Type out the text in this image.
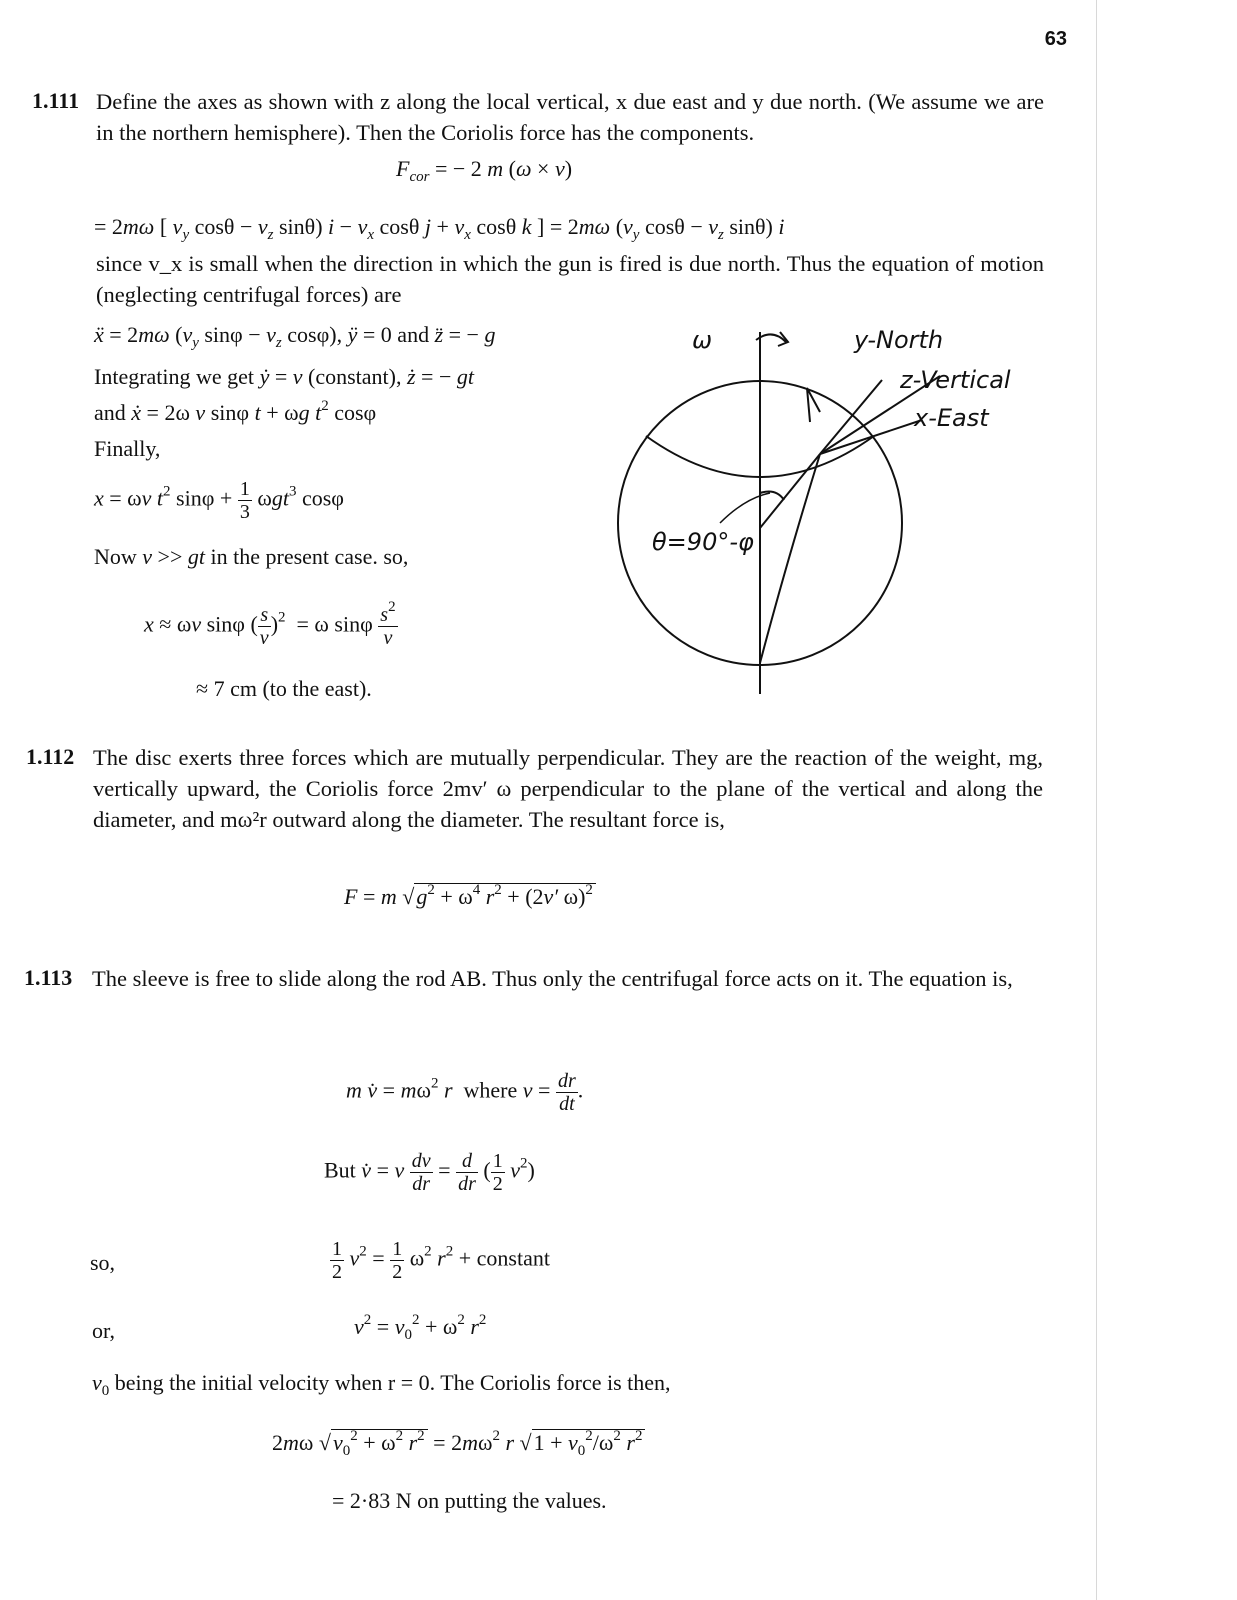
63
1.111 Define the axes as shown with z along the local vertical, x due east and y due north. (We assume we are in the northern hemisphere). Then the Coriolis force has the components.
$F_{cor}$ = − 2 m (ω × v)
= 2mω [ $v_y$ $\cos\theta - v_z$ sinθ) $i - v_x$ cosθ $j + v_x$ cosθ k ] = 2mω ($v_y$ $\cos\theta - v_z$ sinθ) i
since v_x is small when the direction in which the gun is fired is due north. Thus the equation of motion (neglecting centrifugal forces) are
ẍ = 2mω ($v_y$ $\sin\varphi - v_z$ cosφ), ÿ = 0 and z̈ = − g
Integrating we get ẏ = v (constant), ż = − gt
and ẋ = 2ω v sinφ t + ωg $t^2$ cosφ
Finally,
x = ωv $t^2$ $\sin\varphi + \frac{1}{3} \omega gt^3$ cosφ
Now v >> gt in the present case. so,
x ≈ ωv sinφ ( $\frac{s}{v} )^2 = \omega$ sinφ $\frac{s^2}{v}$
≈ 7 cm (to the east).
ω	y-North
z-Vertical
x-East
θ=90°-φ
1.112 The disc exerts three forces which are mutually perpendicular. They are the reaction of the weight, mg, vertically upward, the Coriolis force 2mv′ ω perpendicular to the plane of the vertical and along the diameter, and mω²r outward along the diameter. The resultant force is,
F = m $√g^2 + \omega^4$ $r^2 + (2v'$ ω)$^2$
1.113 The sleeve is free to slide along the rod AB. Thus only the centrifugal force acts on it. The equation is,
m v̇ = $m\omega^2$ r  where $v = \frac{dr}{dt}$ .
But v̇ = v $\frac{dv}{dr} = \frac{d}{dr}$ ( $\frac{1}{2} v^2$)
so,	$\frac{1}{2} v^2 = \frac{1}{2} \omega^2$ $r^2$ + constant
or,	$v^2 = v_0^2 + \omega^2$ $r^2$
$v_0$ being the initial velocity when r = 0. The Coriolis force is then,
2mω $√v_0^2 + \omega^2$ $r^2 = 2m\omega^2$ r $√1 + v_0^2/\omega^2$ $r^2$
= 2·83 N on putting the values.
